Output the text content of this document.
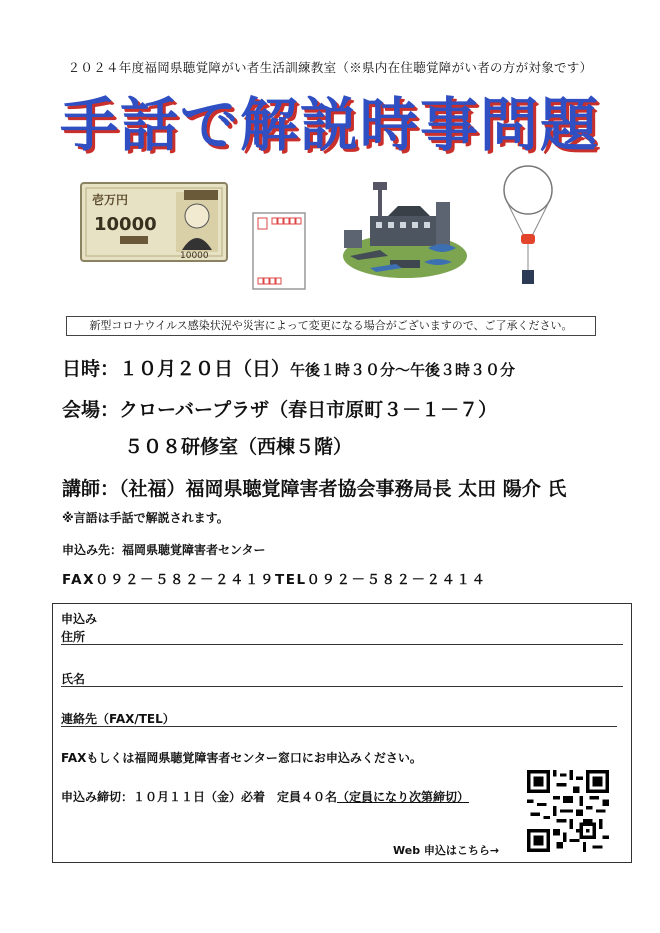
２０２４年度福岡県聴覚障がい者生活訓練教室（※県内在住聴覚障がい者の方が対象です）
手話で解説時事問題
壱万円
10000
10000
新型コロナウイルス感染状況や災害によって変更になる場合がございますので、ご了承ください。
日時：１０月２０日（日）午後１時３０分～午後３時３０分
会場：クローバープラザ（春日市原町３－１－７）
５０８研修室（西棟５階）
講師：（社福）福岡県聴覚障害者協会事務局長 太田 陽介 氏
※言語は手話で解説されます。
申込み先：福岡県聴覚障害者センター
FAX０９２－５８２－２４１９TEL０９２－５８２－２４１４
申込み
住所
氏名
連絡先（FAX/TEL）
FAXもしくは福岡県聴覚障害者センター窓口にお申込みください。
申込み締切：１０月１１日（金）必着　定員４０名（定員になり次第締切）
Web 申込はこちら→
